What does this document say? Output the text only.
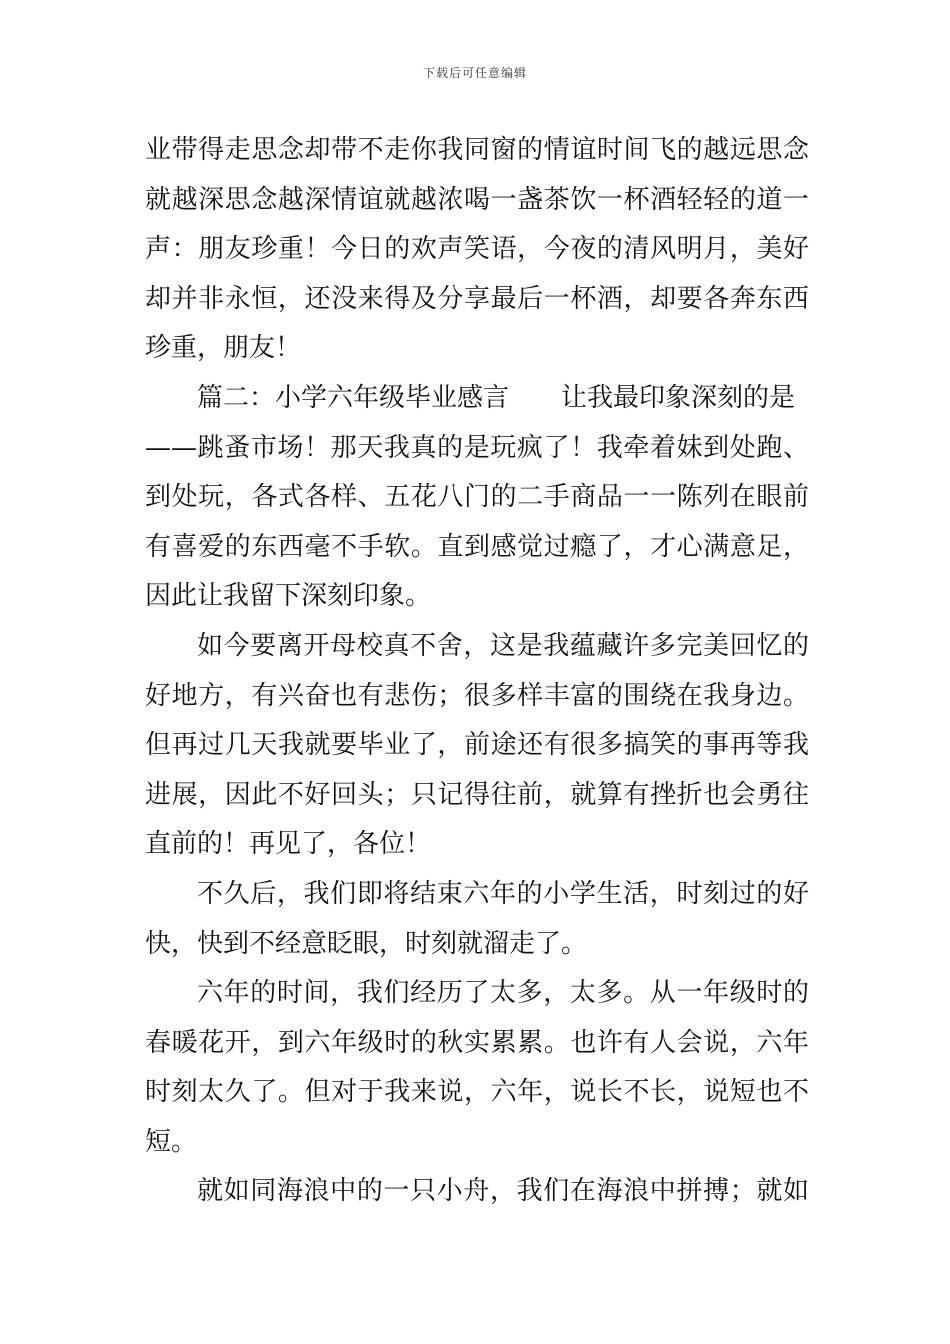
下载后可任意编辑

业带得走思念却带不走你我同窗的情谊时间飞的越远思念
就越深思念越深情谊就越浓喝一盏茶饮一杯酒轻轻的道一
声：朋友珍重！今日的欢声笑语，今夜的清风明月，美好
却并非永恒，还没来得及分享最后一杯酒，却要各奔东西
珍重，朋友！

篇二：小学六年级毕业感言 让我最印象深刻的是
——跳蚤市场！那天我真的是玩疯了！我牵着妹到处跑、
到处玩，各式各样、五花八门的二手商品一一陈列在眼前
有喜爱的东西毫不手软。直到感觉过瘾了，才心满意足，
因此让我留下深刻印象。

如今要离开母校真不舍，这是我蕴藏许多完美回忆的
好地方，有兴奋也有悲伤；很多样丰富的围绕在我身边。
但再过几天我就要毕业了，前途还有很多搞笑的事再等我
进展，因此不好回头；只记得往前，就算有挫折也会勇往
直前的！再见了，各位！

不久后，我们即将结束六年的小学生活，时刻过的好
快，快到不经意眨眼，时刻就溜走了。

六年的时间，我们经历了太多，太多。从一年级时的
春暖花开，到六年级时的秋实累累。也许有人会说，六年
时刻太久了。但对于我来说，六年，说长不长，说短也不
短。

就如同海浪中的一只小舟，我们在海浪中拼搏；就如
